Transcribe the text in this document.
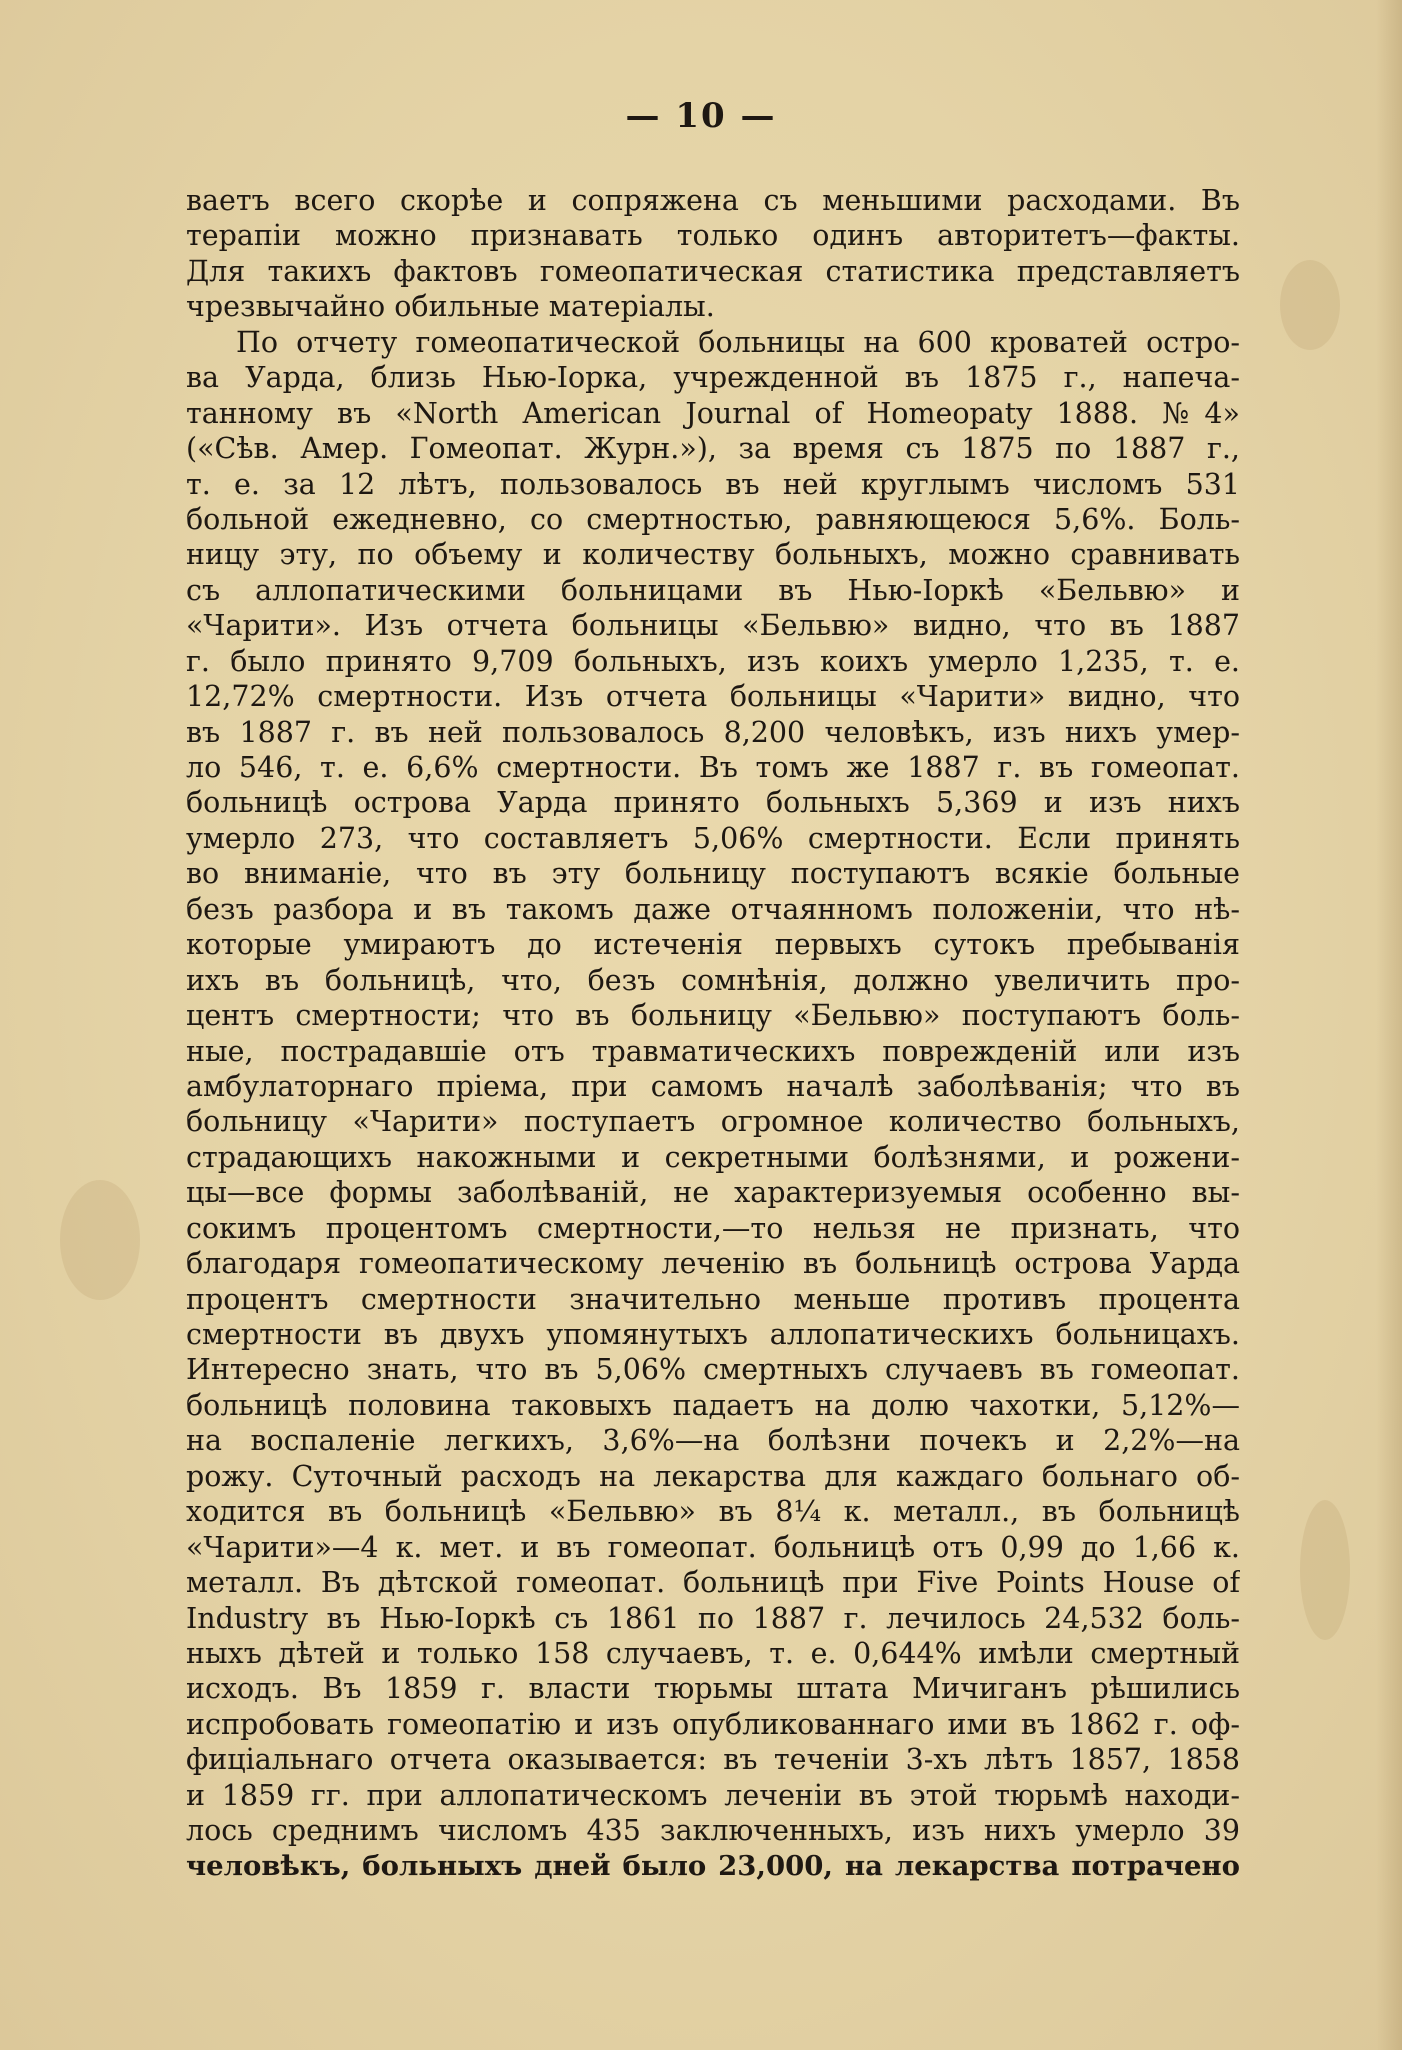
— 10 —
ваетъ всего скорѣе и сопряжена съ меньшими расходами. Въ
терапіи можно признавать только одинъ авторитетъ—факты.
Для такихъ фактовъ гомеопатическая статистика представляетъ
чрезвычайно обильные матеріалы.
По отчету гомеопатической больницы на 600 кроватей остро-
ва Уарда, близь Нью-Іорка, учрежденной въ 1875 г., напеча-
танному въ «North American Journal of Homeopaty 1888. №4»
(«Сѣв. Амер. Гомеопат. Журн.»), за время съ 1875 по 1887 г.,
т. е. за 12 лѣтъ, пользовалось въ ней круглымъ числомъ 531
больной ежедневно, со смертностью, равняющеюся 5,6%. Боль-
ницу эту, по объему и количеству больныхъ, можно сравнивать
съ аллопатическими больницами въ Нью-Іоркѣ «Бельвю» и
«Чарити». Изъ отчета больницы «Бельвю» видно, что въ 1887
г. было принято 9,709 больныхъ, изъ коихъ умерло 1,235, т. е.
12,72% смертности. Изъ отчета больницы «Чарити» видно, что
въ 1887 г. въ ней пользовалось 8,200 человѣкъ, изъ нихъ умер-
ло 546, т. е. 6,6% смертности. Въ томъ же 1887 г. въ гомеопат.
больницѣ острова Уарда принято больныхъ 5,369 и изъ нихъ
умерло 273, что составляетъ 5,06% смертности. Если принять
во вниманіе, что въ эту больницу поступаютъ всякіе больные
безъ разбора и въ такомъ даже отчаянномъ положеніи, что нѣ-
которые умираютъ до истеченія первыхъ сутокъ пребыванія
ихъ въ больницѣ, что, безъ сомнѣнія, должно увеличить про-
центъ смертности; что въ больницу «Бельвю» поступаютъ боль-
ные, пострадавшіе отъ травматическихъ поврежденій или изъ
амбулаторнаго пріема, при самомъ началѣ заболѣванія; что въ
больницу «Чарити» поступаетъ огромное количество больныхъ,
страдающихъ накожными и секретными болѣзнями, и рожени-
цы—все формы заболѣваній, не характеризуемыя особенно вы-
сокимъ процентомъ смертности,—то нельзя не признать, что
благодаря гомеопатическому леченію въ больницѣ острова Уарда
процентъ смертности значительно меньше противъ процента
смертности въ двухъ упомянутыхъ аллопатическихъ больницахъ.
Интересно знать, что въ 5,06% смертныхъ случаевъ въ гомеопат.
больницѣ половина таковыхъ падаетъ на долю чахотки, 5,12%—
на воспаленіе легкихъ, 3,6%—на болѣзни почекъ и 2,2%—на
рожу. Суточный расходъ на лекарства для каждаго больнаго об-
ходится въ больницѣ «Бельвю» въ 8¼ к. металл., въ больницѣ
«Чарити»—4 к. мет. и въ гомеопат. больницѣ отъ 0,99 до 1,66 к.
металл. Въ дѣтской гомеопат. больницѣ при Five Points House of
Industry въ Нью-Іоркѣ съ 1861 по 1887 г. лечилось 24,532 боль-
ныхъ дѣтей и только 158 случаевъ, т. е. 0,644% имѣли смертный
исходъ. Въ 1859 г. власти тюрьмы штата Мичиганъ рѣшились
испробовать гомеопатію и изъ опубликованнаго ими въ 1862 г. оф-
фиціальнаго отчета оказывается: въ теченіи 3-хъ лѣтъ 1857, 1858
и 1859 гг. при аллопатическомъ леченіи въ этой тюрьмѣ находи-
лось среднимъ числомъ 435 заключенныхъ, изъ нихъ умерло 39
человѣкъ, больныхъ дней было 23,000, на лекарства потрачено
